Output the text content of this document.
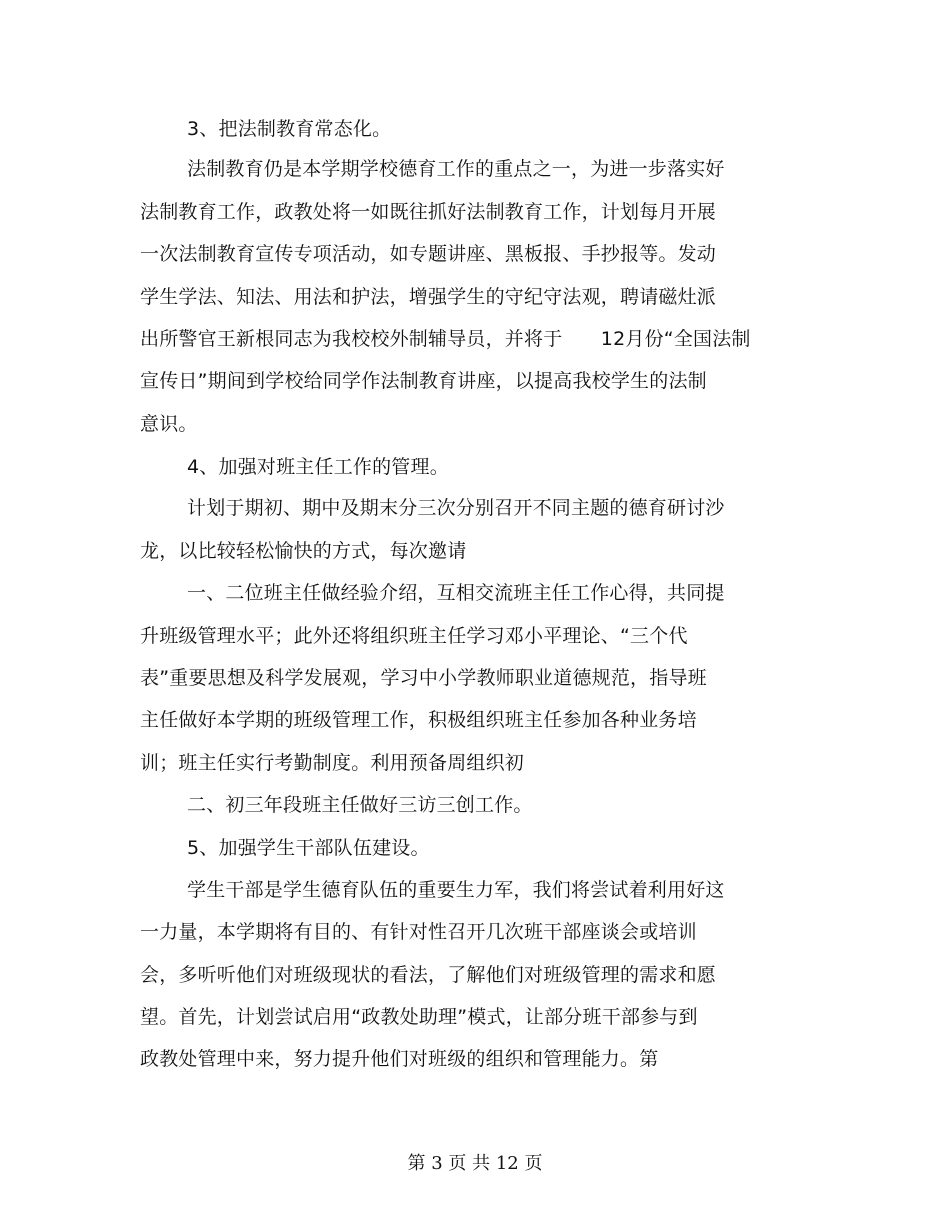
3、把法制教育常态化。
法制教育仍是本学期学校德育工作的重点之一，为进一步落实好
法制教育工作，政教处将一如既往抓好法制教育工作，计划每月开展
一次法制教育宣传专项活动，如专题讲座、黑板报、手抄报等。发动
学生学法、知法、用法和护法，增强学生的守纪守法观，聘请磁灶派
出所警官王新根同志为我校校外制辅导员，并将于　　12月份“全国法制
宣传日”期间到学校给同学作法制教育讲座，以提高我校学生的法制
意识。
4、加强对班主任工作的管理。
计划于期初、期中及期末分三次分别召开不同主题的德育研讨沙
龙，以比较轻松愉快的方式，每次邀请
一、二位班主任做经验介绍，互相交流班主任工作心得，共同提
升班级管理水平；此外还将组织班主任学习邓小平理论、“三个代
表”重要思想及科学发展观，学习中小学教师职业道德规范，指导班
主任做好本学期的班级管理工作，积极组织班主任参加各种业务培
训；班主任实行考勤制度。利用预备周组织初
二、初三年段班主任做好三访三创工作。
5、加强学生干部队伍建设。
学生干部是学生德育队伍的重要生力军，我们将尝试着利用好这
一力量，本学期将有目的、有针对性召开几次班干部座谈会或培训
会，多听听他们对班级现状的看法，了解他们对班级管理的需求和愿
望。首先，计划尝试启用“政教处助理”模式，让部分班干部参与到
政教处管理中来，努力提升他们对班级的组织和管理能力。第
第 3 页 共 12 页
